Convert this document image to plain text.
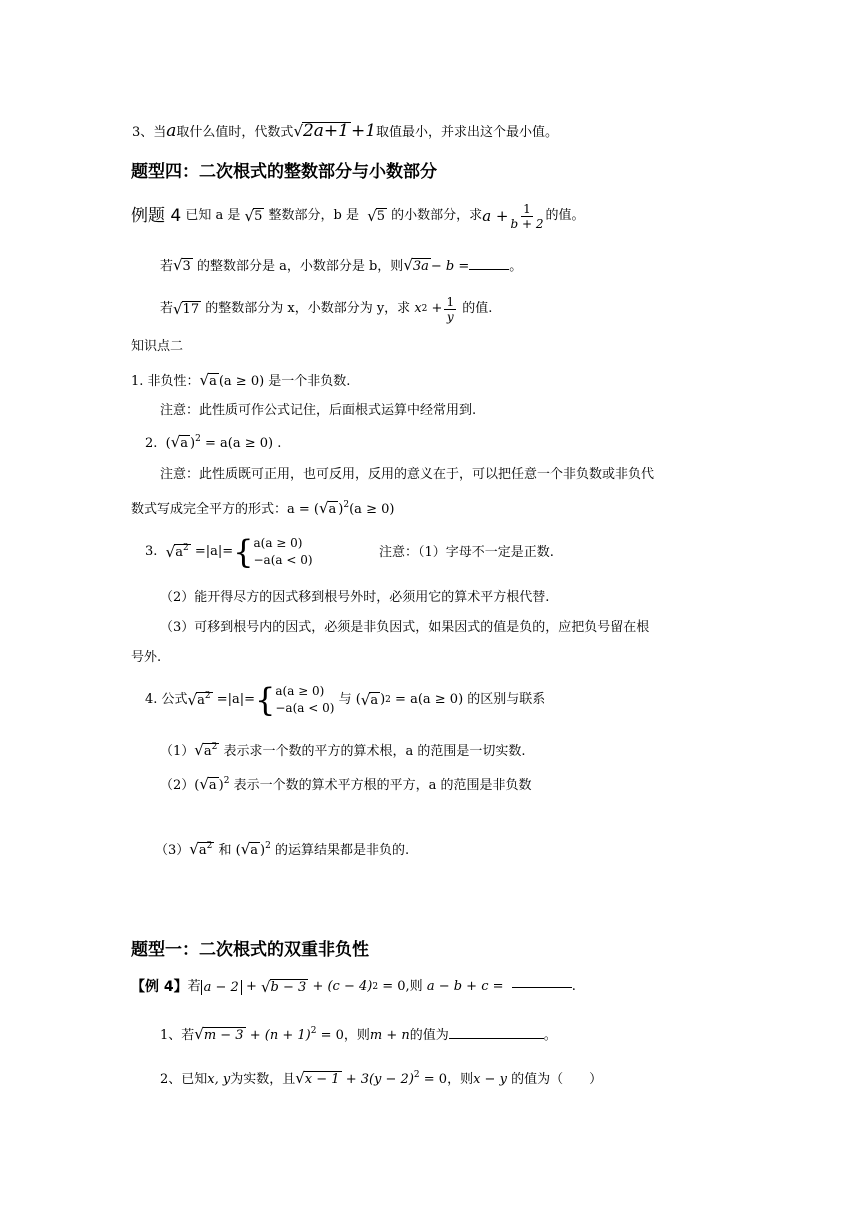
3、当a取什么值时，代数式√2a+1 +1取值最小，并求出这个最小值。
题型四：二次根式的整数部分与小数部分
例题 4
已知 a 是
√ 5
整数部分，b 是
√ 5
的小数部分，求 $a + \frac{1}{b + 2}$ 的值。
若√3 的整数部分是 a，小数部分是 b，则√3a − b =	。
若 √ 17
的整数部分为 x，小数部分为 y，求
x 2
+ $\frac{1}{y}$
的值.
知识点二
1. 非负性：√a (a ≥ 0) 是一个非负数.
注意：此性质可作公式记住，后面根式运算中经常用到.
2. (√a )$^2$ = a(a ≥ 0) .
注意：此性质既可正用，也可反用，反用的意义在于，可以把任意一个非负数或非负代
数式写成完全平方的形式：a = (√a )$^2$(a ≥ 0)
3.
√ $a^2$
=|a|= { a(a ≥ 0)
−a(a < 0)	注意：（1）字母不一定是正数.
（2）能开得尽方的因式移到根号外时，必须用它的算术平方根代替.
（3）可移到根号内的因式，必须是非负因式，如果因式的值是负的，应把负号留在根
号外.
4. 公式 √ $a^2$
=|a|= { a(a ≥ 0)
−a(a < 0)

与
( √ a ) 2
= a(a ≥ 0) 的区别与联系
$(1)√a^2$ 表示求一个数的平方的算术根，a 的范围是一切实数.
（2）(√a )$^2$ 表示一个数的算术平方根的平方，a 的范围是非负数
$(3)√a^2$ 和 (√a )$^2$ 的运算结果都是非负的.
题型一：二次根式的双重非负性
【例 4】 若 a − 2
+
√ b − 3
+
(c − 4) 2
= 0, 则
a − b + c =
	.
1、若$√m - 3 + (n + 1)^2 = 0$，则m + n的值为	。
2、已知x, y为实数，且$√x - 1 + 3(y - 2)^2 = 0$，则x − y 的值为（　　）
